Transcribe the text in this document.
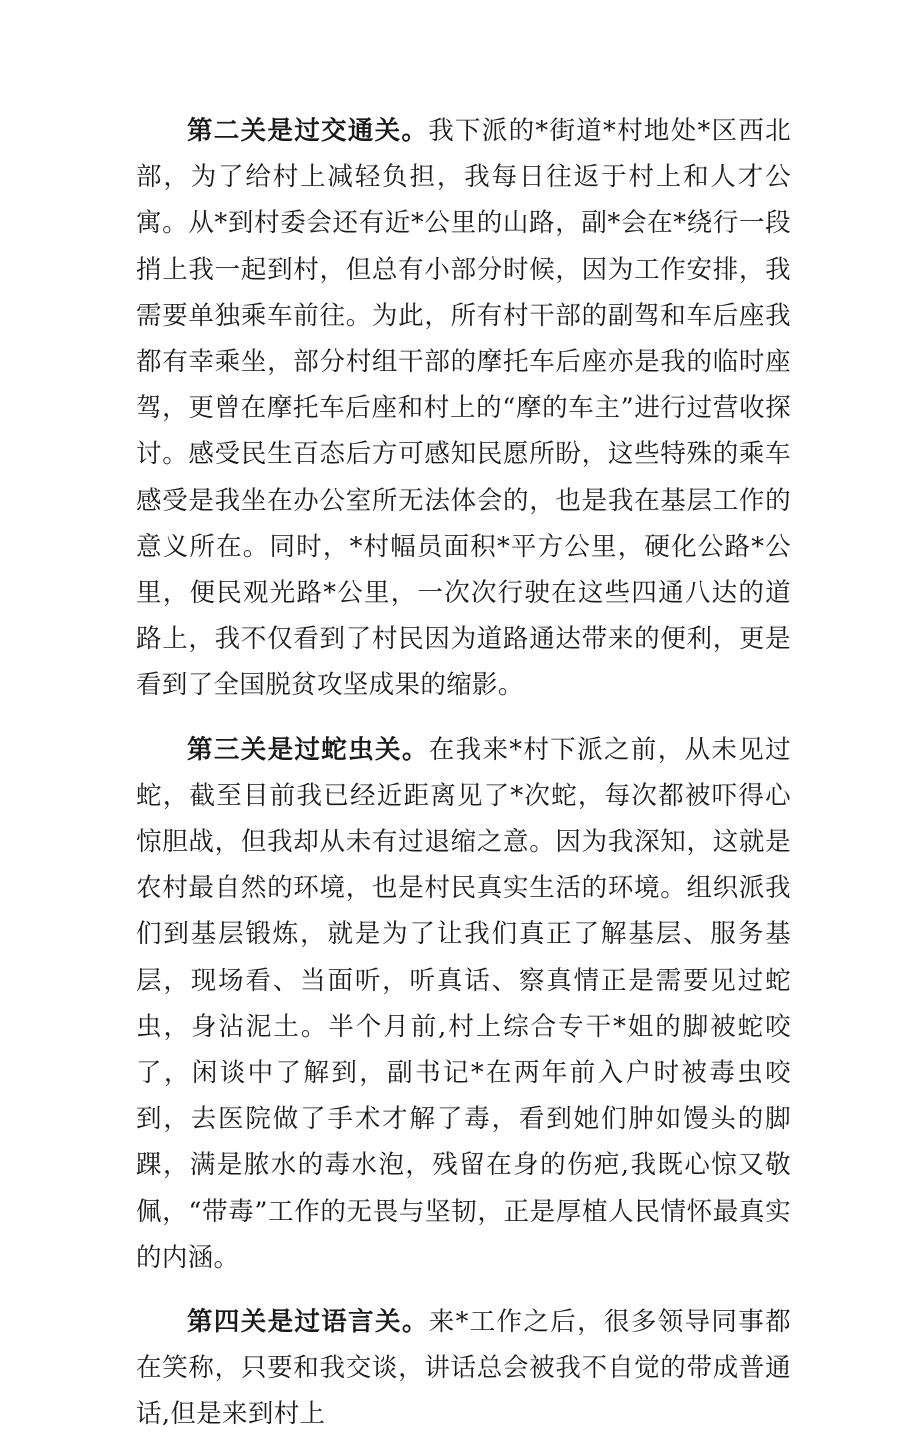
第二关是过交通关。我下派的*街道*村地处*区西北部，为了给村上减轻负担，我每日往返于村上和人才公寓。从*到村委会还有近*公里的山路，副*会在*绕行一段捎上我一起到村，但总有小部分时候，因为工作安排，我需要单独乘车前往。为此，所有村干部的副驾和车后座我都有幸乘坐，部分村组干部的摩托车后座亦是我的临时座驾，更曾在摩托车后座和村上的“摩的车主”进行过营收探讨。感受民生百态后方可感知民愿所盼，这些特殊的乘车感受是我坐在办公室所无法体会的，也是我在基层工作的意义所在。同时，*村幅员面积*平方公里，硬化公路*公里，便民观光路*公里，一次次行驶在这些四通八达的道路上，我不仅看到了村民因为道路通达带来的便利，更是看到了全国脱贫攻坚成果的缩影。

第三关是过蛇虫关。在我来*村下派之前，从未见过蛇，截至目前我已经近距离见了*次蛇，每次都被吓得心惊胆战，但我却从未有过退缩之意。因为我深知，这就是农村最自然的环境，也是村民真实生活的环境。组织派我们到基层锻炼，就是为了让我们真正了解基层、服务基层，现场看、当面听，听真话、察真情正是需要见过蛇虫，身沾泥土。半个月前,村上综合专干*姐的脚被蛇咬了，闲谈中了解到，副书记*在两年前入户时被毒虫咬到，去医院做了手术才解了毒，看到她们肿如馒头的脚踝，满是脓水的毒水泡，残留在身的伤疤,我既心惊又敬佩，“带毒”工作的无畏与坚韧，正是厚植人民情怀最真实的内涵。

第四关是过语言关。来*工作之后，很多领导同事都在笑称，只要和我交谈，讲话总会被我不自觉的带成普通话,但是来到村上
